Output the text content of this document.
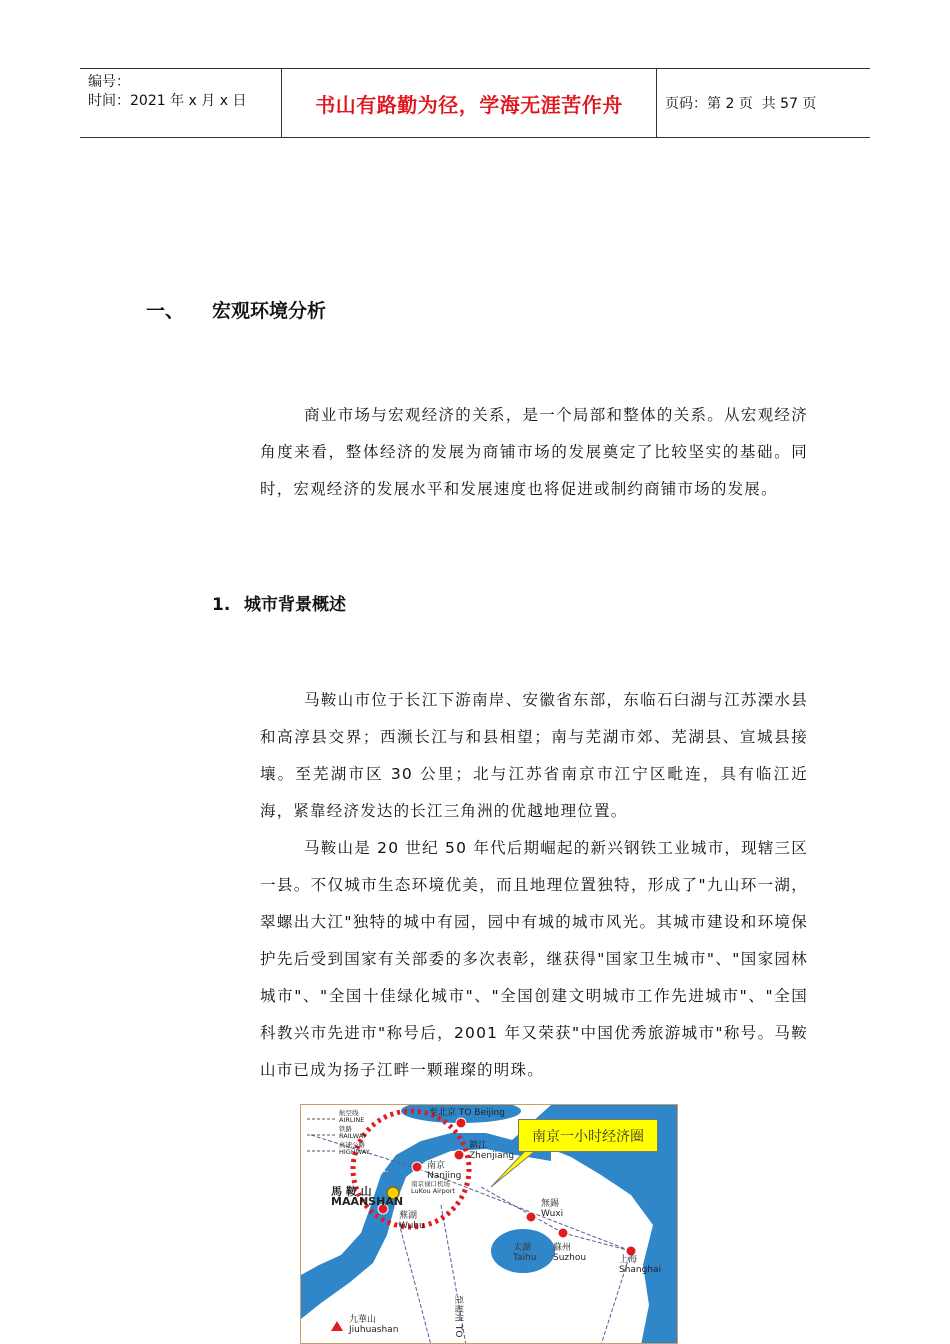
编号：
时间：2021 年 x 月 x 日	书山有路勤为径，学海无涯苦作舟	页码：第 2 页  共 57 页
一、 宏观环境分析

商业市场与宏观经济的关系，是一个局部和整体的关系。从宏观经济角度来看，整体经济的发展为商铺市场的发展奠定了比较坚实的基础。同时，宏观经济的发展水平和发展速度也将促进或制约商铺市场的发展。

1. 城市背景概述

马鞍山市位于长江下游南岸、安徽省东部，东临石臼湖与江苏溧水县和高淳县交界；西濒长江与和县相望；南与芜湖市郊、芜湖县、宣城县接壤。至芜湖市区 30 公里；北与江苏省南京市江宁区毗连，具有临江近海，紧靠经济发达的长江三角洲的优越地理位置。

马鞍山是 20 世纪 50 年代后期崛起的新兴钢铁工业城市，现辖三区一县。不仅城市生态环境优美，而且地理位置独特，形成了"九山环一湖，翠螺出大江"独特的城中有园，园中有城的城市风光。其城市建设和环境保护先后受到国家有关部委的多次表彰，继获得"国家卫生城市"、"国家园林城市"、"全国十佳绿化城市"、"全国创建文明城市工作先进城市"、"全国科教兴市先进市"称号后，2001 年又荣获"中国优秀旅游城市"称号。马鞍山市已成为扬子江畔一颗璀璨的明珠。

航空线
AIRLINE
铁路
RAILWAY
高速公路
HIGHWAY
至北京 TO Beijing
江	南京
Nanjing
南京禄口机场
LuKou Airport
馬 鞍 山
MAANSHAN
蕪湖
Wuhu
鎮江
Zhenjiang
無錫
Wuxi
太湖
Taihu
蘇州
Suzhou	上海
Shanghai
九華山
Jiuhuashan	至福州 TO
南京一小时经济圈
